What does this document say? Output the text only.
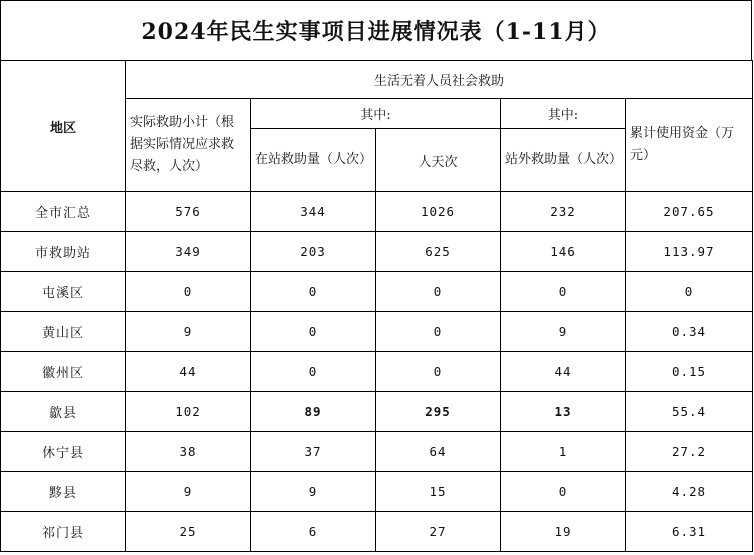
2024年民生实事项目进展情况表（1-11月）
地区	生活无着人员社会救助				

	实际救助小计（根据实际情况应求救尽救，人次）	其中:		其中:	累计使用资金（万元）

		在站救助量（人次）	人天次	站外救助量（人次）	

全市汇总	576	344	1026	232	207.65
市救助站	349	203	625	146	113.97
屯溪区	0	0	0	0	0
黄山区	9	0	0	9	0.34
徽州区	44	0	0	44	0.15
歙县	102	89	295	13	55.4
休宁县	38	37	64	1	27.2
黟县	9	9	15	0	4.28
祁门县	25	6	27	19	6.31
